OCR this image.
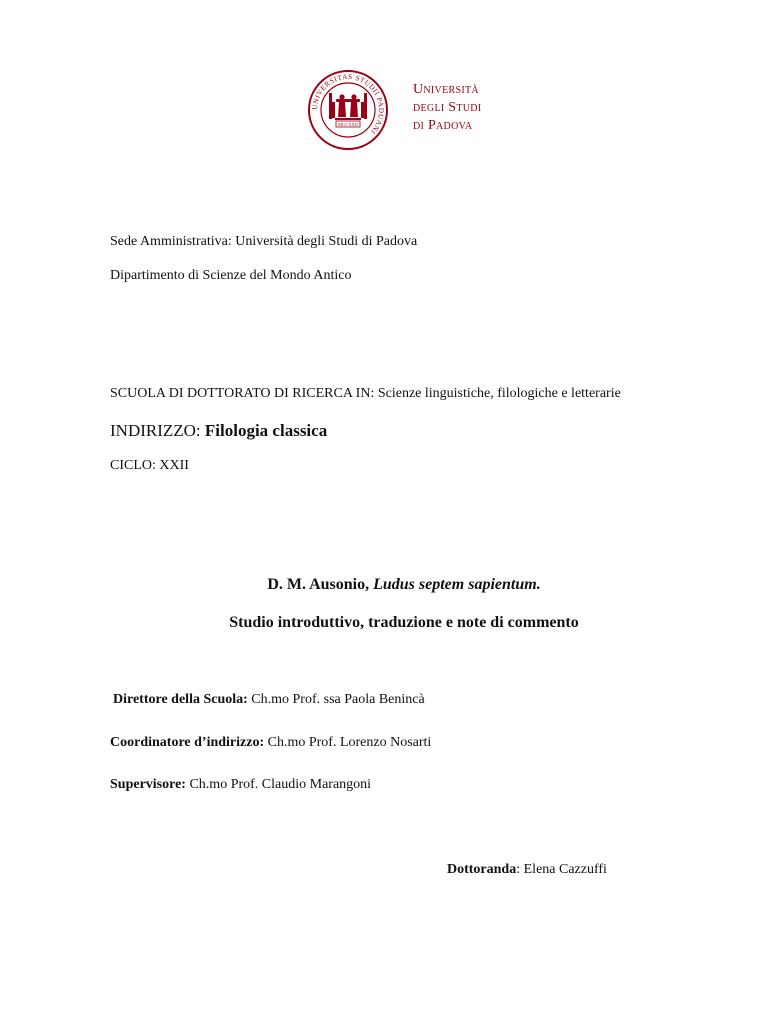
UNIVERSITAS STUDII PADUANI
MCCXXII
Università
degli Studi
di Padova
Sede Amministrativa: Università degli Studi di Padova
Dipartimento di Scienze del Mondo Antico
SCUOLA DI DOTTORATO DI RICERCA IN: Scienze linguistiche, filologiche e letterarie
INDIRIZZO: Filologia classica
CICLO: XXII
D. M. Ausonio, Ludus septem sapientum.
Studio introduttivo, traduzione e note di commento
Direttore della Scuola: Ch.mo Prof. ssa Paola Benincà
Coordinatore d’indirizzo: Ch.mo Prof. Lorenzo Nosarti
Supervisore: Ch.mo Prof. Claudio Marangoni
Dottoranda: Elena Cazzuffi
